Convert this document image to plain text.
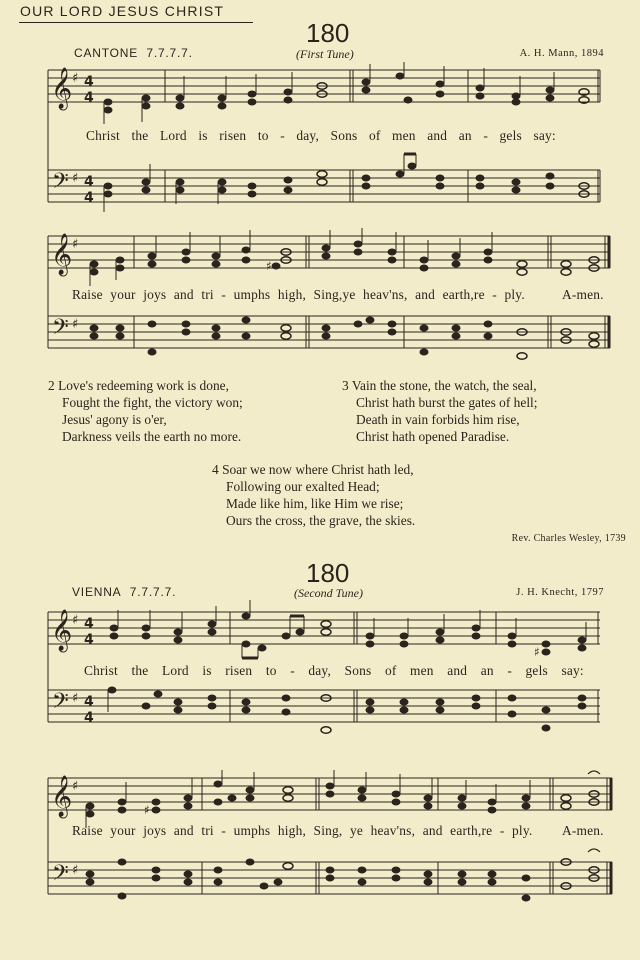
OUR LORD JESUS CHRIST
180
CANTONE 7.7.7.7.	(First Tune)	A. H. Mann, 1894
𝄞
𝄢
♯
♯
4
4
4
4
Christ the Lord is risen to - day, Sons of men and an - gels say:
𝄞
𝄢
♯
♯
♯
Raise your joys and tri - umphs high, Sing,ye heav'ns, and earth,re - ply.	A-men.
2 Love's redeeming work is done,
Fought the fight, the victory won;
Jesus' agony is o'er,
Darkness veils the earth no more.
3 Vain the stone, the watch, the seal,
Christ hath burst the gates of hell;
Death in vain forbids him rise,
Christ hath opened Paradise.
4 Soar we now where Christ hath led,
Following our exalted Head;
Made like him, like Him we rise;
Ours the cross, the grave, the skies.
Rev. Charles Wesley, 1739
180
VIENNA 7.7.7.7.	(Second Tune)	J. H. Knecht, 1797
𝄞
𝄢
♯
♯
4
4
4
4
♯
Christ the Lord is risen to - day, Sons of men and an - gels say:
𝄞
𝄢
♯
♯
♯
Raise your joys and tri - umphs high, Sing, ye heav'ns, and earth,re - ply. A-men.
